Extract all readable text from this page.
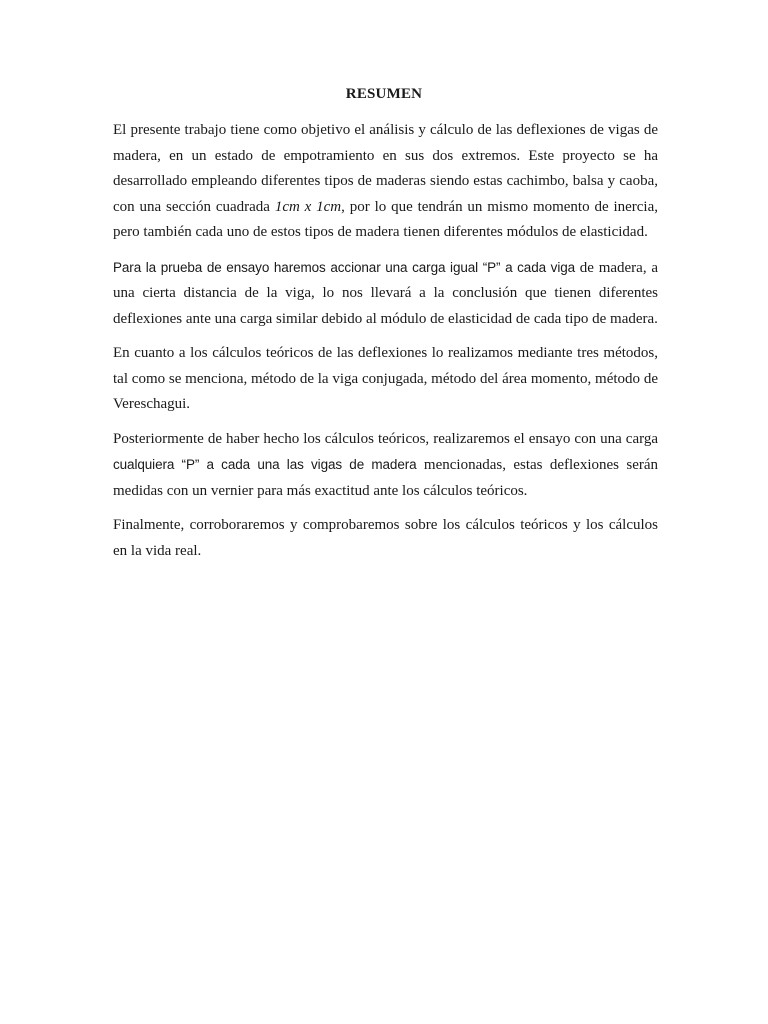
RESUMEN

El presente trabajo tiene como objetivo el análisis y cálculo de las deflexiones de vigas de madera, en un estado de empotramiento en sus dos extremos. Este proyecto se ha desarrollado empleando diferentes tipos de maderas siendo estas cachimbo, balsa y caoba, con una sección cuadrada 1cm x 1cm, por lo que tendrán un mismo momento de inercia, pero también cada uno de estos tipos de madera tienen diferentes módulos de elasticidad.

Para la prueba de ensayo haremos accionar una carga igual “P” a cada viga de madera, a una cierta distancia de la viga, lo nos llevará a la conclusión que tienen diferentes deflexiones ante una carga similar debido al módulo de elasticidad de cada tipo de madera.

En cuanto a los cálculos teóricos de las deflexiones lo realizamos mediante tres métodos, tal como se menciona, método de la viga conjugada, método del área momento, método de Vereschagui.

Posteriormente de haber hecho los cálculos teóricos, realizaremos el ensayo con una carga cualquiera “P” a cada una las vigas de madera mencionadas, estas deflexiones serán medidas con un vernier para más exactitud ante los cálculos teóricos.

Finalmente, corroboraremos y comprobaremos sobre los cálculos teóricos y los cálculos en la vida real.
